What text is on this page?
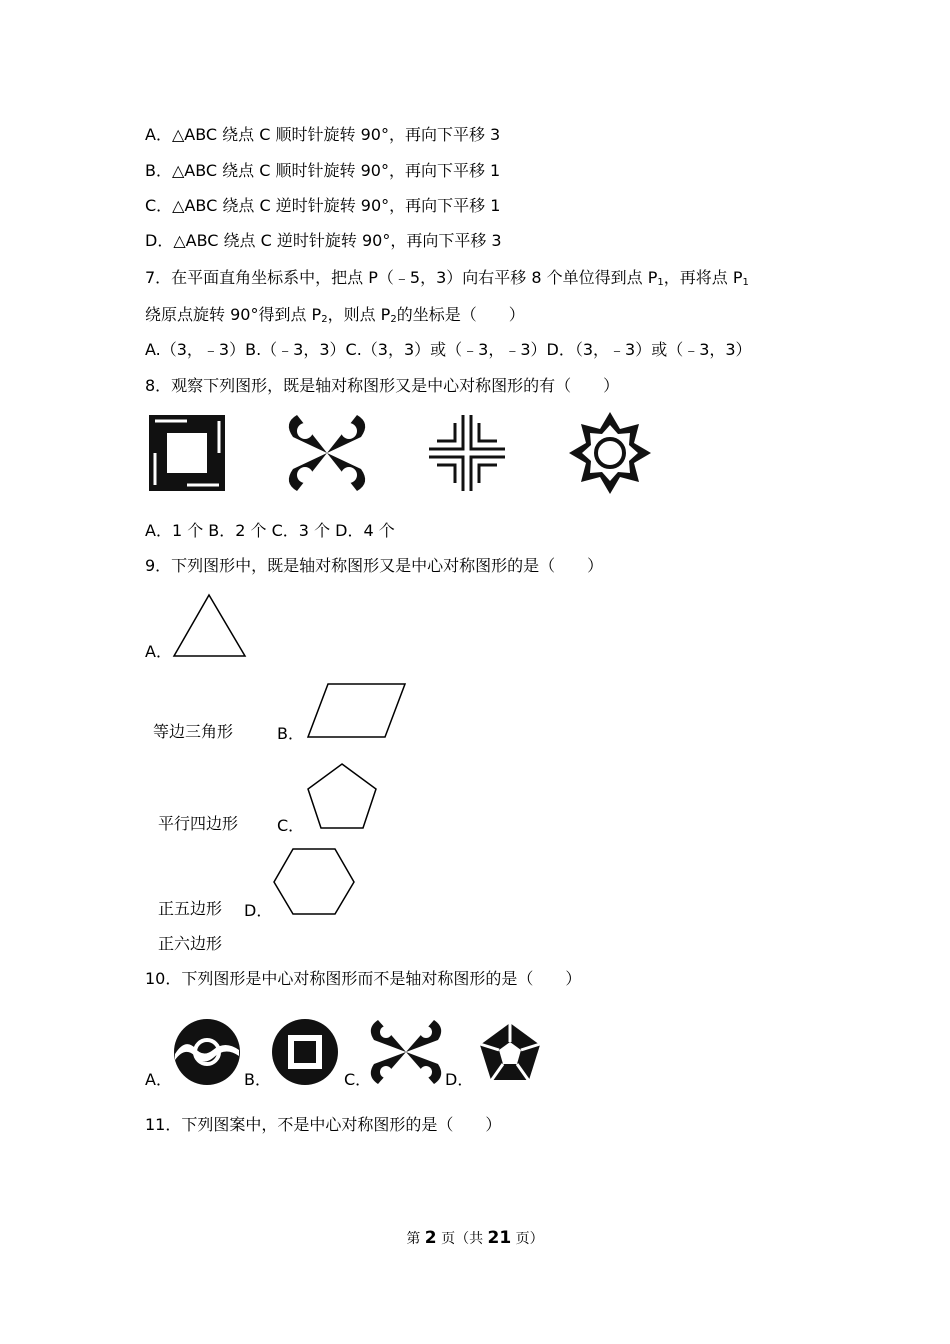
A．△ABC 绕点 C 顺时针旋转 90°，再向下平移 3
B．△ABC 绕点 C 顺时针旋转 90°，再向下平移 1
C．△ABC 绕点 C 逆时针旋转 90°，再向下平移 1
D．△ABC 绕点 C 逆时针旋转 90°，再向下平移 3
7．在平面直角坐标系中，把点 P（﹣5，3）向右平移 8 个单位得到点 $P_1$，再将点 $P_1$
绕原点旋转 90°得到点 $P_2$，则点 $P_2$的坐标是（　　）
A.（3，﹣3）B.（﹣3，3）C.（3，3）或（﹣3，﹣3）D．（3，﹣3）或（﹣3，3）
8．观察下列图形，既是轴对称图形又是中心对称图形的有（　　）
A．1 个 B．2 个 C．3 个 D．4 个
9．下列图形中，既是轴对称图形又是中心对称图形的是（　　）
A．
等边三角形	B．
平行四边形 C．
正五边形 D．
正六边形
10．下列图形是中心对称图形而不是轴对称图形的是（　　）
A．	B．	C．	D．
11．下列图案中，不是中心对称图形的是（　　）
第 2 页（共 21 页）
